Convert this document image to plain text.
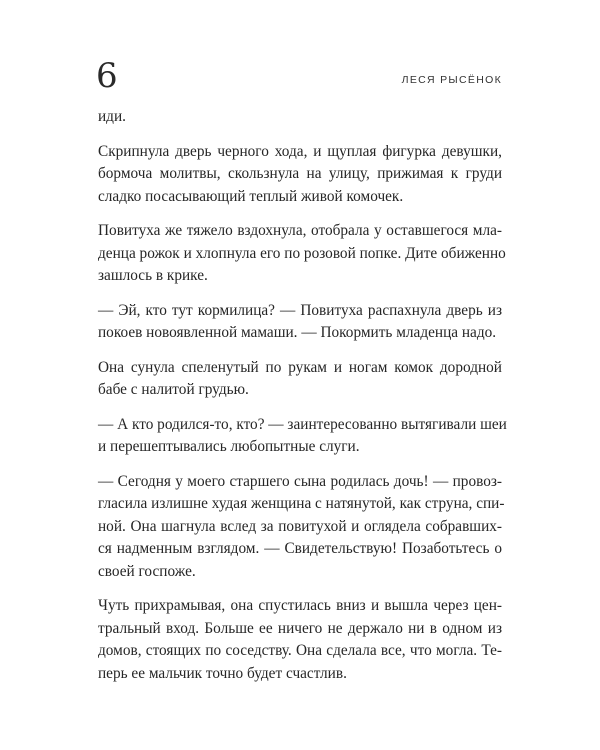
6	ЛЕСЯ РЫСЁНОК

иди.

Скрипнула дверь черного хода, и щуплая фигурка девушки,
бормоча молитвы, скользнула на улицу, прижимая к груди
сладко посасывающий теплый живой комочек.

Повитуха же тяжело вздохнула, отобрала у оставшегося мла-
денца рожок и хлопнула его по розовой попке. Дите обиженно
зашлось в крике.

— Эй, кто тут кормилица? — Повитуха распахнула дверь из
покоев новоявленной мамаши. — Покормить младенца надо.

Она сунула спеленутый по рукам и ногам комок дородной
бабе с налитой грудью.

— А кто родился-то, кто? — заинтересованно вытягивали шеи
и перешептывались любопытные слуги.

— Сегодня у моего старшего сына родилась дочь! — провоз-
гласила излишне худая женщина с натянутой, как струна, спи-
ной. Она шагнула вслед за повитухой и оглядела собравших-
ся надменным взглядом. — Свидетельствую! Позаботьтесь о
своей госпоже.

Чуть прихрамывая, она спустилась вниз и вышла через цен-
тральный вход. Больше ее ничего не держало ни в одном из
домов, стоящих по соседству. Она сделала все, что могла. Те-
перь ее мальчик точно будет счастлив.
